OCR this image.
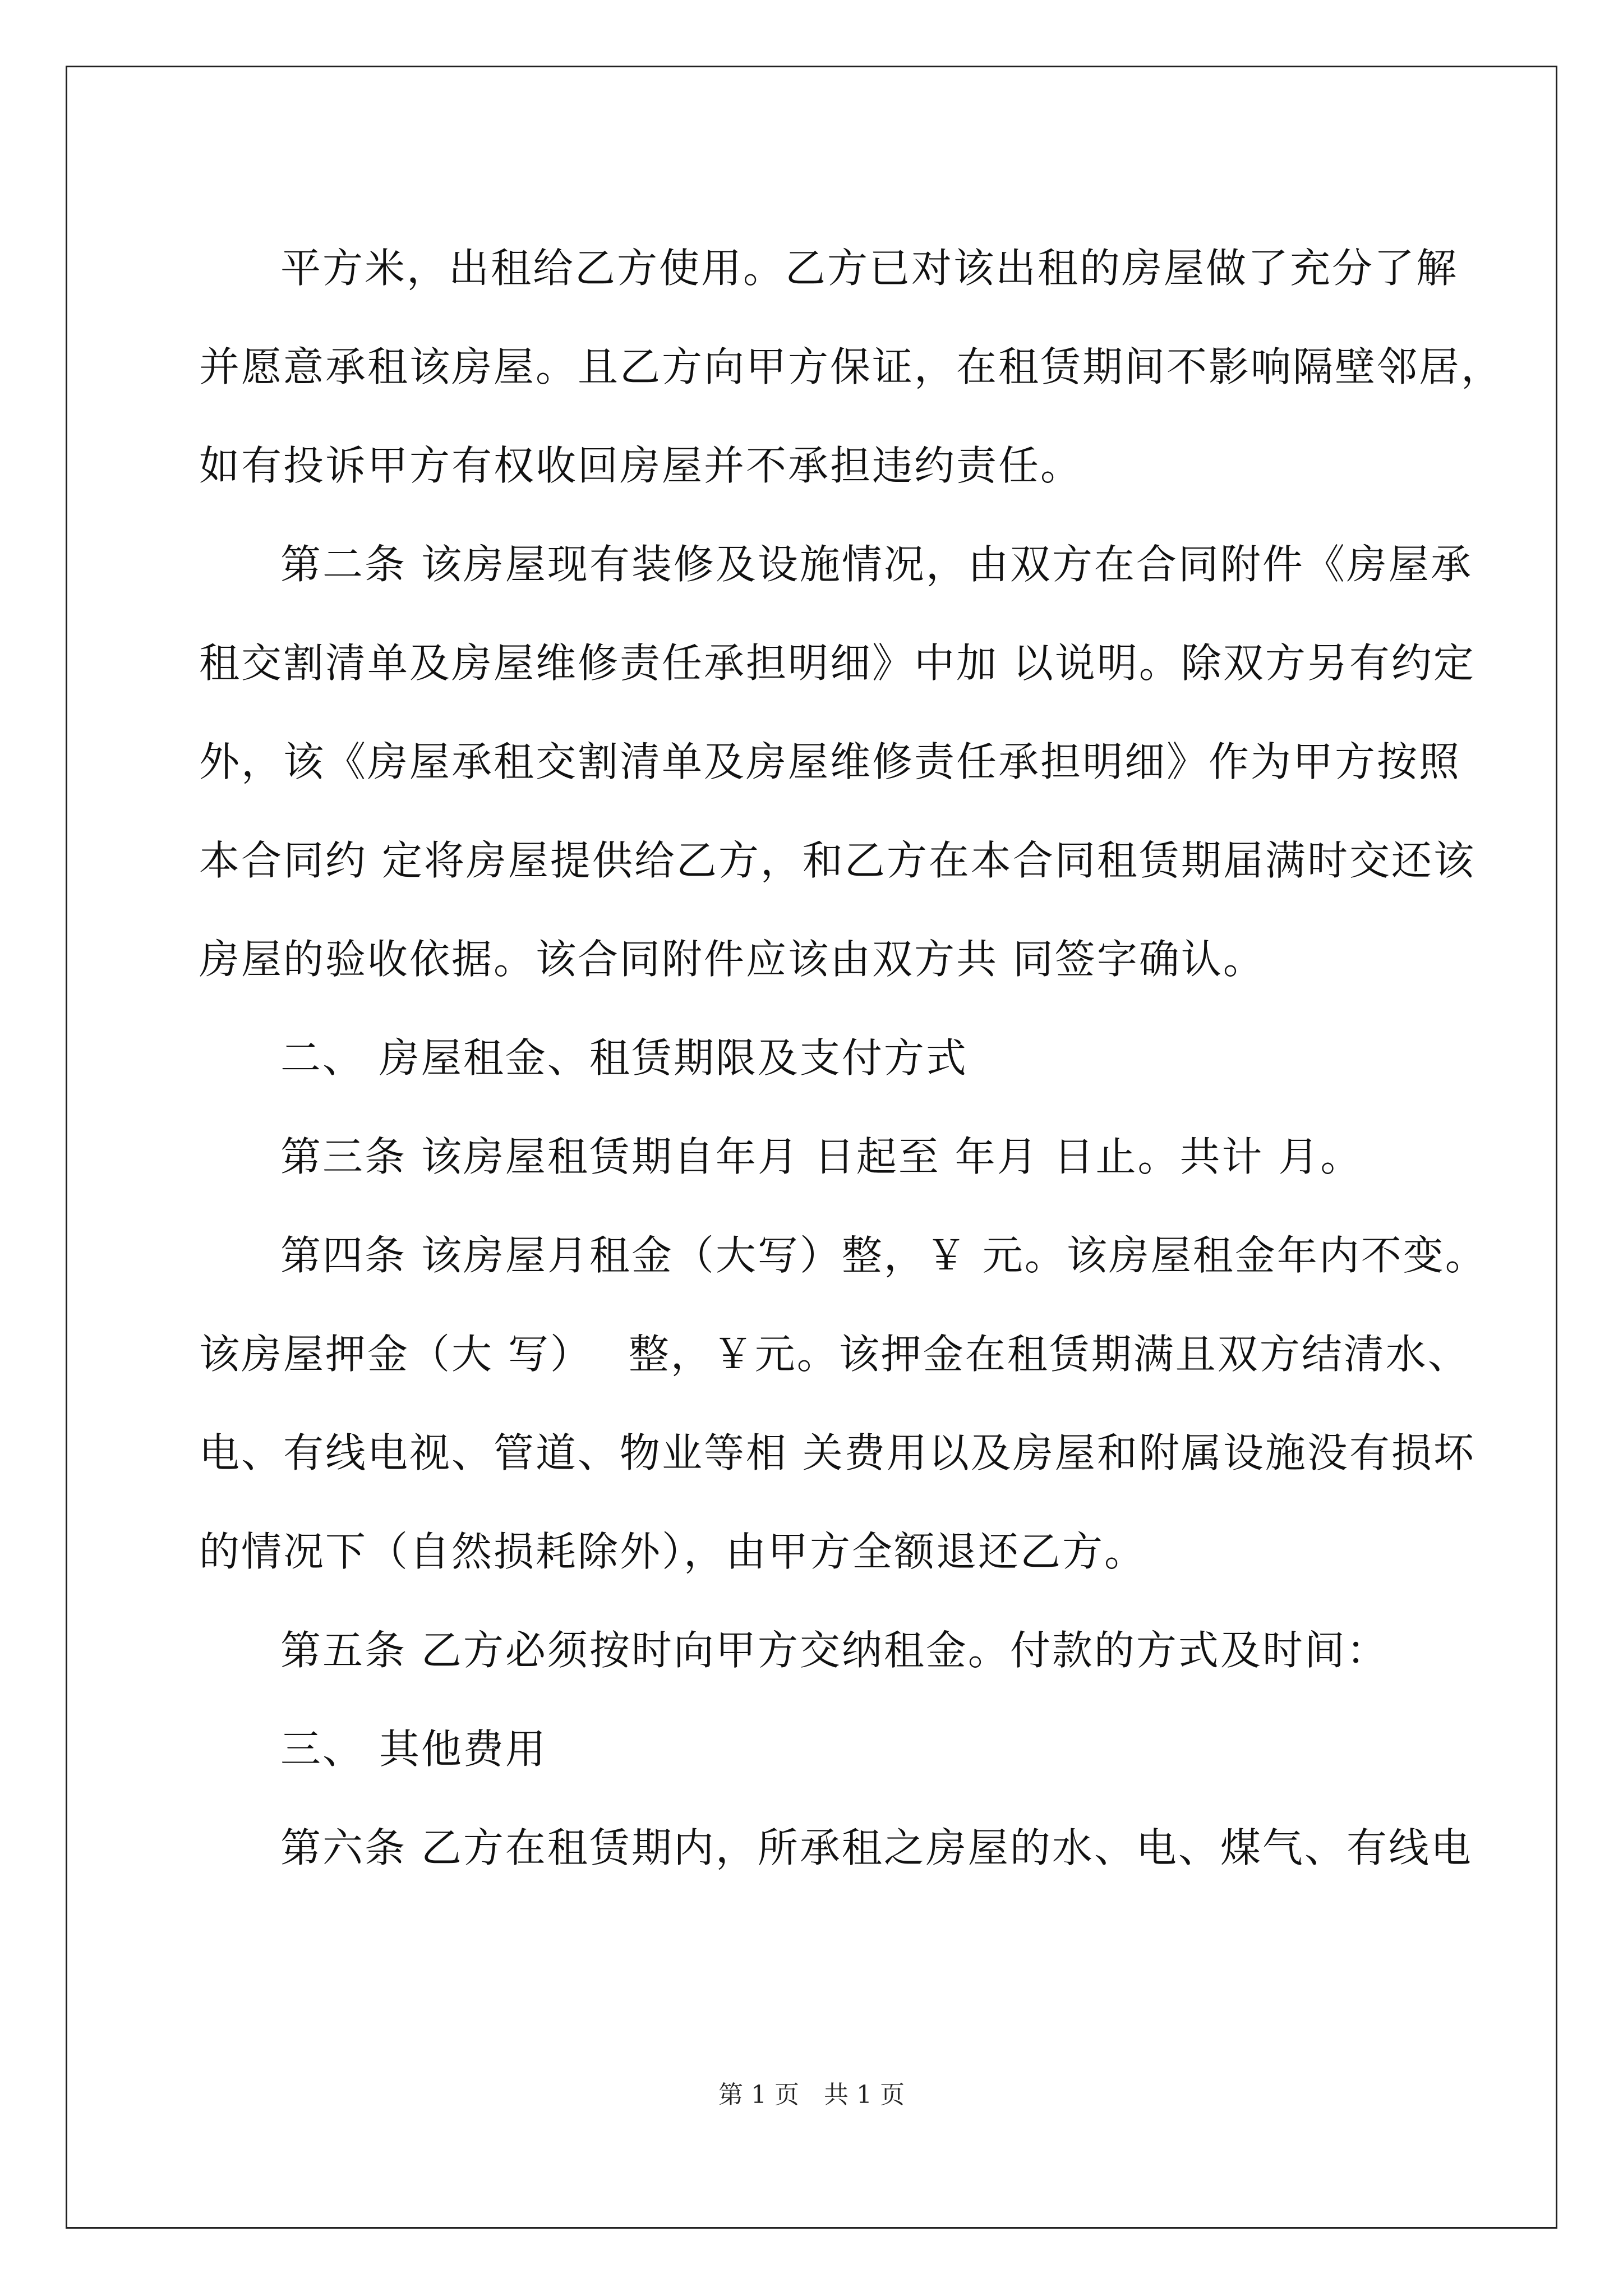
平方米，出租给乙方使用。乙方已对该出租的房屋做了充分了解
并愿意承租该房屋。且乙方向甲方保证，在租赁期间不影响隔壁邻居，
如有投诉甲方有权收回房屋并不承担违约责任。
第二条 该房屋现有装修及设施情况，由双方在合同附件《房屋承
租交割清单及房屋维修责任承担明细》中加 以说明。除双方另有约定
外，该《房屋承租交割清单及房屋维修责任承担明细》作为甲方按照
本合同约 定将房屋提供给乙方，和乙方在本合同租赁期届满时交还该
房屋的验收依据。该合同附件应该由双方共 同签字确认。
二、 房屋租金、租赁期限及支付方式
第三条 该房屋租赁期自年月 日起至 年月 日止。共计 月。
第四条 该房屋月租金（大写）整，￥ 元。该房屋租金年内不变。
该房屋押金（大 写）　 整，￥元。该押金在租赁期满且双方结清水、
电、有线电视、管道、物业等相 关费用以及房屋和附属设施没有损坏
的情况下（自然损耗除外），由甲方全额退还乙方。
第五条 乙方必须按时向甲方交纳租金。付款的方式及时间：
三、 其他费用
第六条 乙方在租赁期内，所承租之房屋的水、电、煤气、有线电
第 1 页　共 1 页
